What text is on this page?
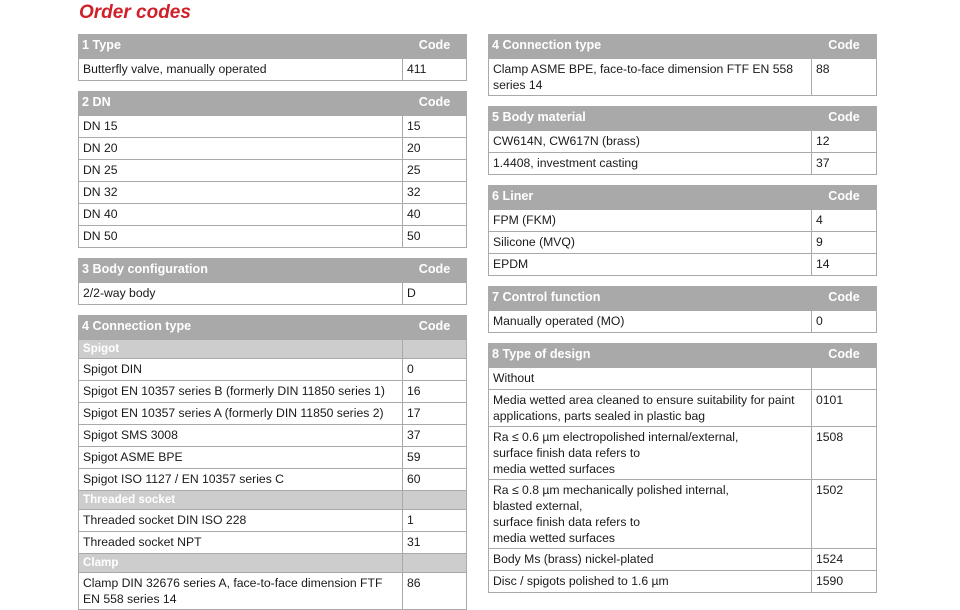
Order codes
1 Type	Code
Butterfly valve, manually operated	411
2 DN	Code
DN 15	15
DN 20	20
DN 25	25
DN 32	32
DN 40	40
DN 50	50
3 Body configuration	Code
2/2-way body	D
4 Connection type	Code
Spigot	
Spigot DIN	0
Spigot EN 10357 series B (formerly DIN 11850 series 1)	16
Spigot EN 10357 series A (formerly DIN 11850 series 2)	17
Spigot SMS 3008	37
Spigot ASME BPE	59
Spigot ISO 1127 / EN 10357 series C	60
Threaded socket	
Threaded socket DIN ISO 228	1
Threaded socket NPT	31
Clamp	
Clamp DIN 32676 series A, face-to-face dimension FTF EN 558 series 14	86
4 Connection type	Code
Clamp ASME BPE, face-to-face dimension FTF EN 558 series 14	88
5 Body material	Code
CW614N, CW617N (brass)	12
1.4408, investment casting	37
6 Liner	Code
FPM (FKM)	4
Silicone (MVQ)	9
EPDM	14
7 Control function	Code
Manually operated (MO)	0
8 Type of design	Code
Without	
Media wetted area cleaned to ensure suitability for paint applications, parts sealed in plastic bag	0101
Ra ≤ 0.6 µm electropolished internal/external,
surface finish data refers to
media wetted surfaces	1508
Ra ≤ 0.8 µm mechanically polished internal,
blasted external,
surface finish data refers to
media wetted surfaces	1502
Body Ms (brass) nickel-plated	1524
Disc / spigots polished to 1.6 µm	1590
